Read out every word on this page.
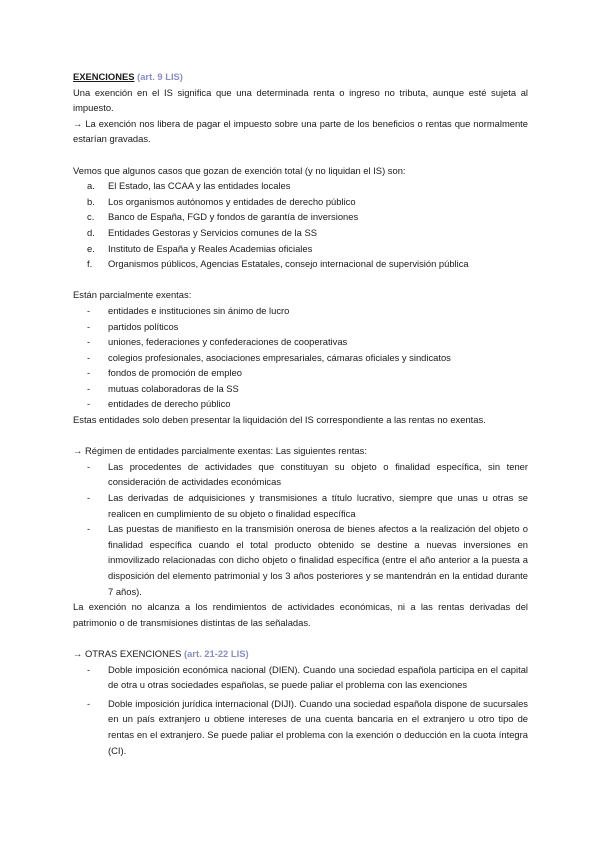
EXENCIONES (art. 9 LIS)

Una exención en el IS significa que una determinada renta o ingreso no tributa, aunque esté sujeta al impuesto.

→ La exención nos libera de pagar el impuesto sobre una parte de los beneficios o rentas que normalmente estarían gravadas.

Vemos que algunos casos que gozan de exención total (y no liquidan el IS) son:

a.	El Estado, las CCAA y las entidades locales
b.	Los organismos autónomos y entidades de derecho público
c.	Banco de España, FGD y fondos de garantía de inversiones
d.	Entidades Gestoras y Servicios comunes de la SS
e.	Instituto de España y Reales Academias oficiales
f.	Organismos públicos, Agencias Estatales, consejo internacional de supervisión pública

Están parcialmente exentas:

-	entidades e instituciones sin ánimo de lucro
-	partidos políticos
-	uniones, federaciones y confederaciones de cooperativas
-	colegios profesionales, asociaciones empresariales, cámaras oficiales y sindicatos
-	fondos de promoción de empleo
-	mutuas colaboradoras de la SS
-	entidades de derecho público

Estas entidades solo deben presentar la liquidación del IS correspondiente a las rentas no exentas.

→ Régimen de entidades parcialmente exentas: Las siguientes rentas:

-	Las procedentes de actividades que constituyan su objeto o finalidad específica, sin tener consideración de actividades económicas
-	Las derivadas de adquisiciones y transmisiones a título lucrativo, siempre que unas u otras se realicen en cumplimiento de su objeto o finalidad específica
-	Las puestas de manifiesto en la transmisión onerosa de bienes afectos a la realización del objeto o finalidad específica cuando el total producto obtenido se destine a nuevas inversiones en inmovilizado relacionadas con dicho objeto o finalidad específica (entre el año anterior a la puesta a disposición del elemento patrimonial y los 3 años posteriores y se mantendrán en la entidad durante 7 años).

La exención no alcanza a los rendimientos de actividades económicas, ni a las rentas derivadas del patrimonio o de transmisiones distintas de las señaladas.

→ OTRAS EXENCIONES (art. 21-22 LIS)

-	Doble imposición económica nacional (DIEN). Cuando una sociedad española participa en el capital de otra u otras sociedades españolas, se puede paliar el problema con las exenciones
-	Doble imposición jurídica internacional (DIJI). Cuando una sociedad española dispone de sucursales en un país extranjero u obtiene intereses de una cuenta bancaria en el extranjero u otro tipo de rentas en el extranjero. Se puede paliar el problema con la exención o deducción en la cuota íntegra (CI).
